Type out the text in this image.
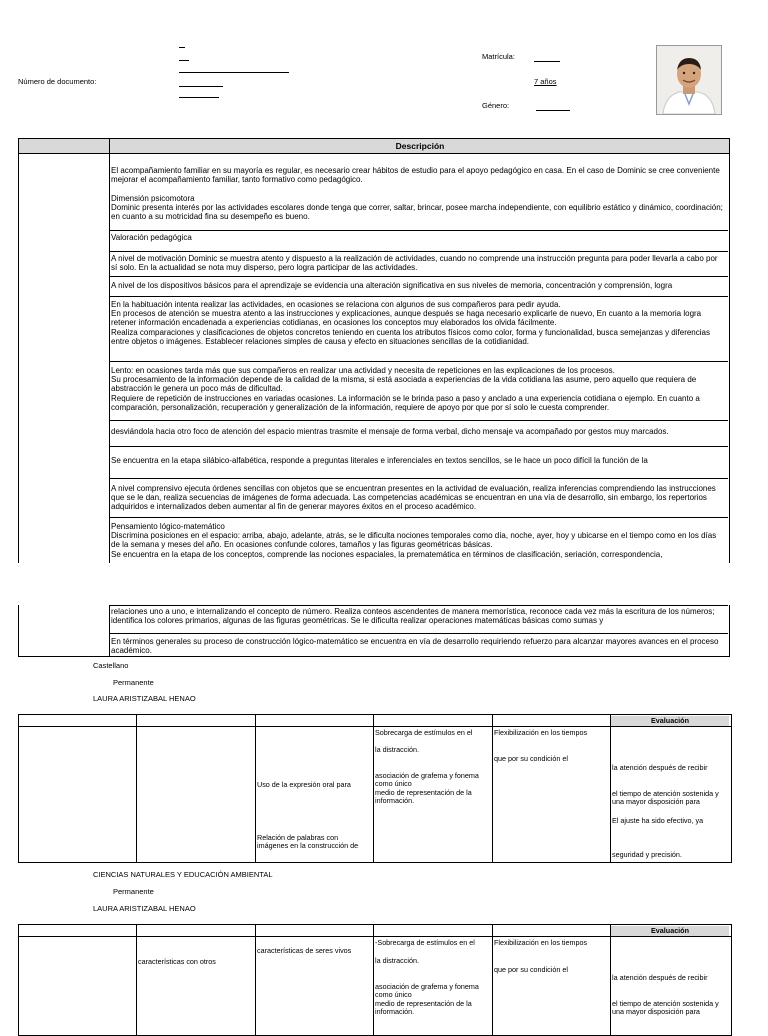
Número de documento:
Matrícula:
7 años
Género:
Descripción
El acompañamiento familiar en su mayoría es regular, es necesario crear hábitos de estudio para el apoyo pedagógico en casa. En el caso de Dominic se cree conveniente mejorar el acompañamiento familiar, tanto formativo como pedagógico.
Dimensión psicomotora
Dominic presenta interés por las actividades escolares donde tenga que correr, saltar, brincar, posee marcha independiente, con equilibrio estático y dinámico, coordinación; en cuanto a su motricidad fina su desempeño es bueno.
Valoración pedagógica
A nivel de motivación Dominic se muestra atento y dispuesto a la realización de actividades, cuando no comprende una instrucción pregunta para poder llevarla a cabo por sí solo. En la actualidad se nota muy disperso, pero logra participar de las actividades.
A nivel de los dispositivos básicos para el aprendizaje se evidencia una alteración significativa en sus niveles de memoria, concentración y comprensión, logra
En la habituación intenta realizar las actividades, en ocasiones se relaciona con algunos de sus compañeros para pedir ayuda.
En procesos de atención se muestra atento a las instrucciones y explicaciones, aunque después se haga necesario explicarle de nuevo, En cuanto a la memoria logra retener información encadenada a experiencias cotidianas, en ocasiones los conceptos muy elaborados los olvida fácilmente.
Realiza comparaciones y clasificaciones de objetos concretos teniendo en cuenta los atributos físicos como color, forma y funcionalidad, busca semejanzas y diferencias entre objetos o imágenes. Establecer relaciones simples de causa y efecto en situaciones sencillas de la cotidianidad.
Lento: en ocasiones tarda más que sus compañeros en realizar una actividad y necesita de repeticiones en las explicaciones de los procesos.
Su procesamiento de la información depende de la calidad de la misma, si está asociada a experiencias de la vida cotidiana las asume, pero aquello que requiera de abstracción le genera un poco más de dificultad.
Requiere de repetición de instrucciones en variadas ocasiones. La información se le brinda paso a paso y anclado a una experiencia cotidiana o ejemplo. En cuanto a comparación, personalización, recuperación y generalización de la información, requiere de apoyo por que por sí solo le cuesta comprender.
desviándola hacia otro foco de atención del espacio mientras trasmite el mensaje de forma verbal, dicho mensaje va acompañado por gestos muy marcados.
Se encuentra en la etapa silábico-alfabética, responde a preguntas literales e inferenciales en textos sencillos, se le hace un poco difícil la función de la
A nivel comprensivo ejecuta órdenes sencillas con objetos que se encuentran presentes en la actividad de evaluación, realiza inferencias comprendiendo las instrucciones que se le dan, realiza secuencias de imágenes de forma adecuada. Las competencias académicas se encuentran en una vía de desarrollo, sin embargo, los repertorios adquiridos e internalizados deben aumentar al fin de generar mayores éxitos en el proceso académico.
Pensamiento lógico-matemático
Discrimina posiciones en el espacio: arriba, abajo, adelante, atrás, se le dificulta nociones temporales como día, noche, ayer, hoy y ubicarse en el tiempo como en los días de la semana y meses del año. En ocasiones confunde colores, tamaños y las figuras geométricas básicas.
Se encuentra en la etapa de los conceptos, comprende las nociones espaciales, la prematemática en términos de clasificación, seriación, correspondencia,
relaciones uno a uno, e internalizando el concepto de número. Realiza conteos ascendentes de manera memorística, reconoce cada vez más la escritura de los números; identifica los colores primarios, algunas de las figuras geométricas. Se le dificulta realizar operaciones matemáticas básicas como sumas y
En términos generales su proceso de construcción lógico-matemático se encuentra en vía de desarrollo requiriendo refuerzo para alcanzar mayores avances en el proceso académico.
Castellano
Permanente
LAURA ARISTIZABAL HENAO
Evaluación
Uso de la expresión oral para
Relación de palabras con imágenes en la construcción de
Sobrecarga de estímulos en el
la distracción.
asociación de grafema y fonema como único
medio de representación de la información.
Flexibilización en los tiempos
que por su condición el
la atención después de recibir
el tiempo de atención sostenida y una mayor disposición para
El ajuste ha sido efectivo, ya
seguridad y precisión.
CIENCIAS NATURALES Y EDUCACIÓN AMBIENTAL
Permanente
LAURA ARISTIZABAL HENAO
Evaluación
características con otros
características de seres vivos
-Sobrecarga de estímulos en el
la distracción.
asociación de grafema y fonema como único
medio de representación de la información.
Flexibilización en los tiempos
que por su condición el
la atención después de recibir
el tiempo de atención sostenida y una mayor disposición para
